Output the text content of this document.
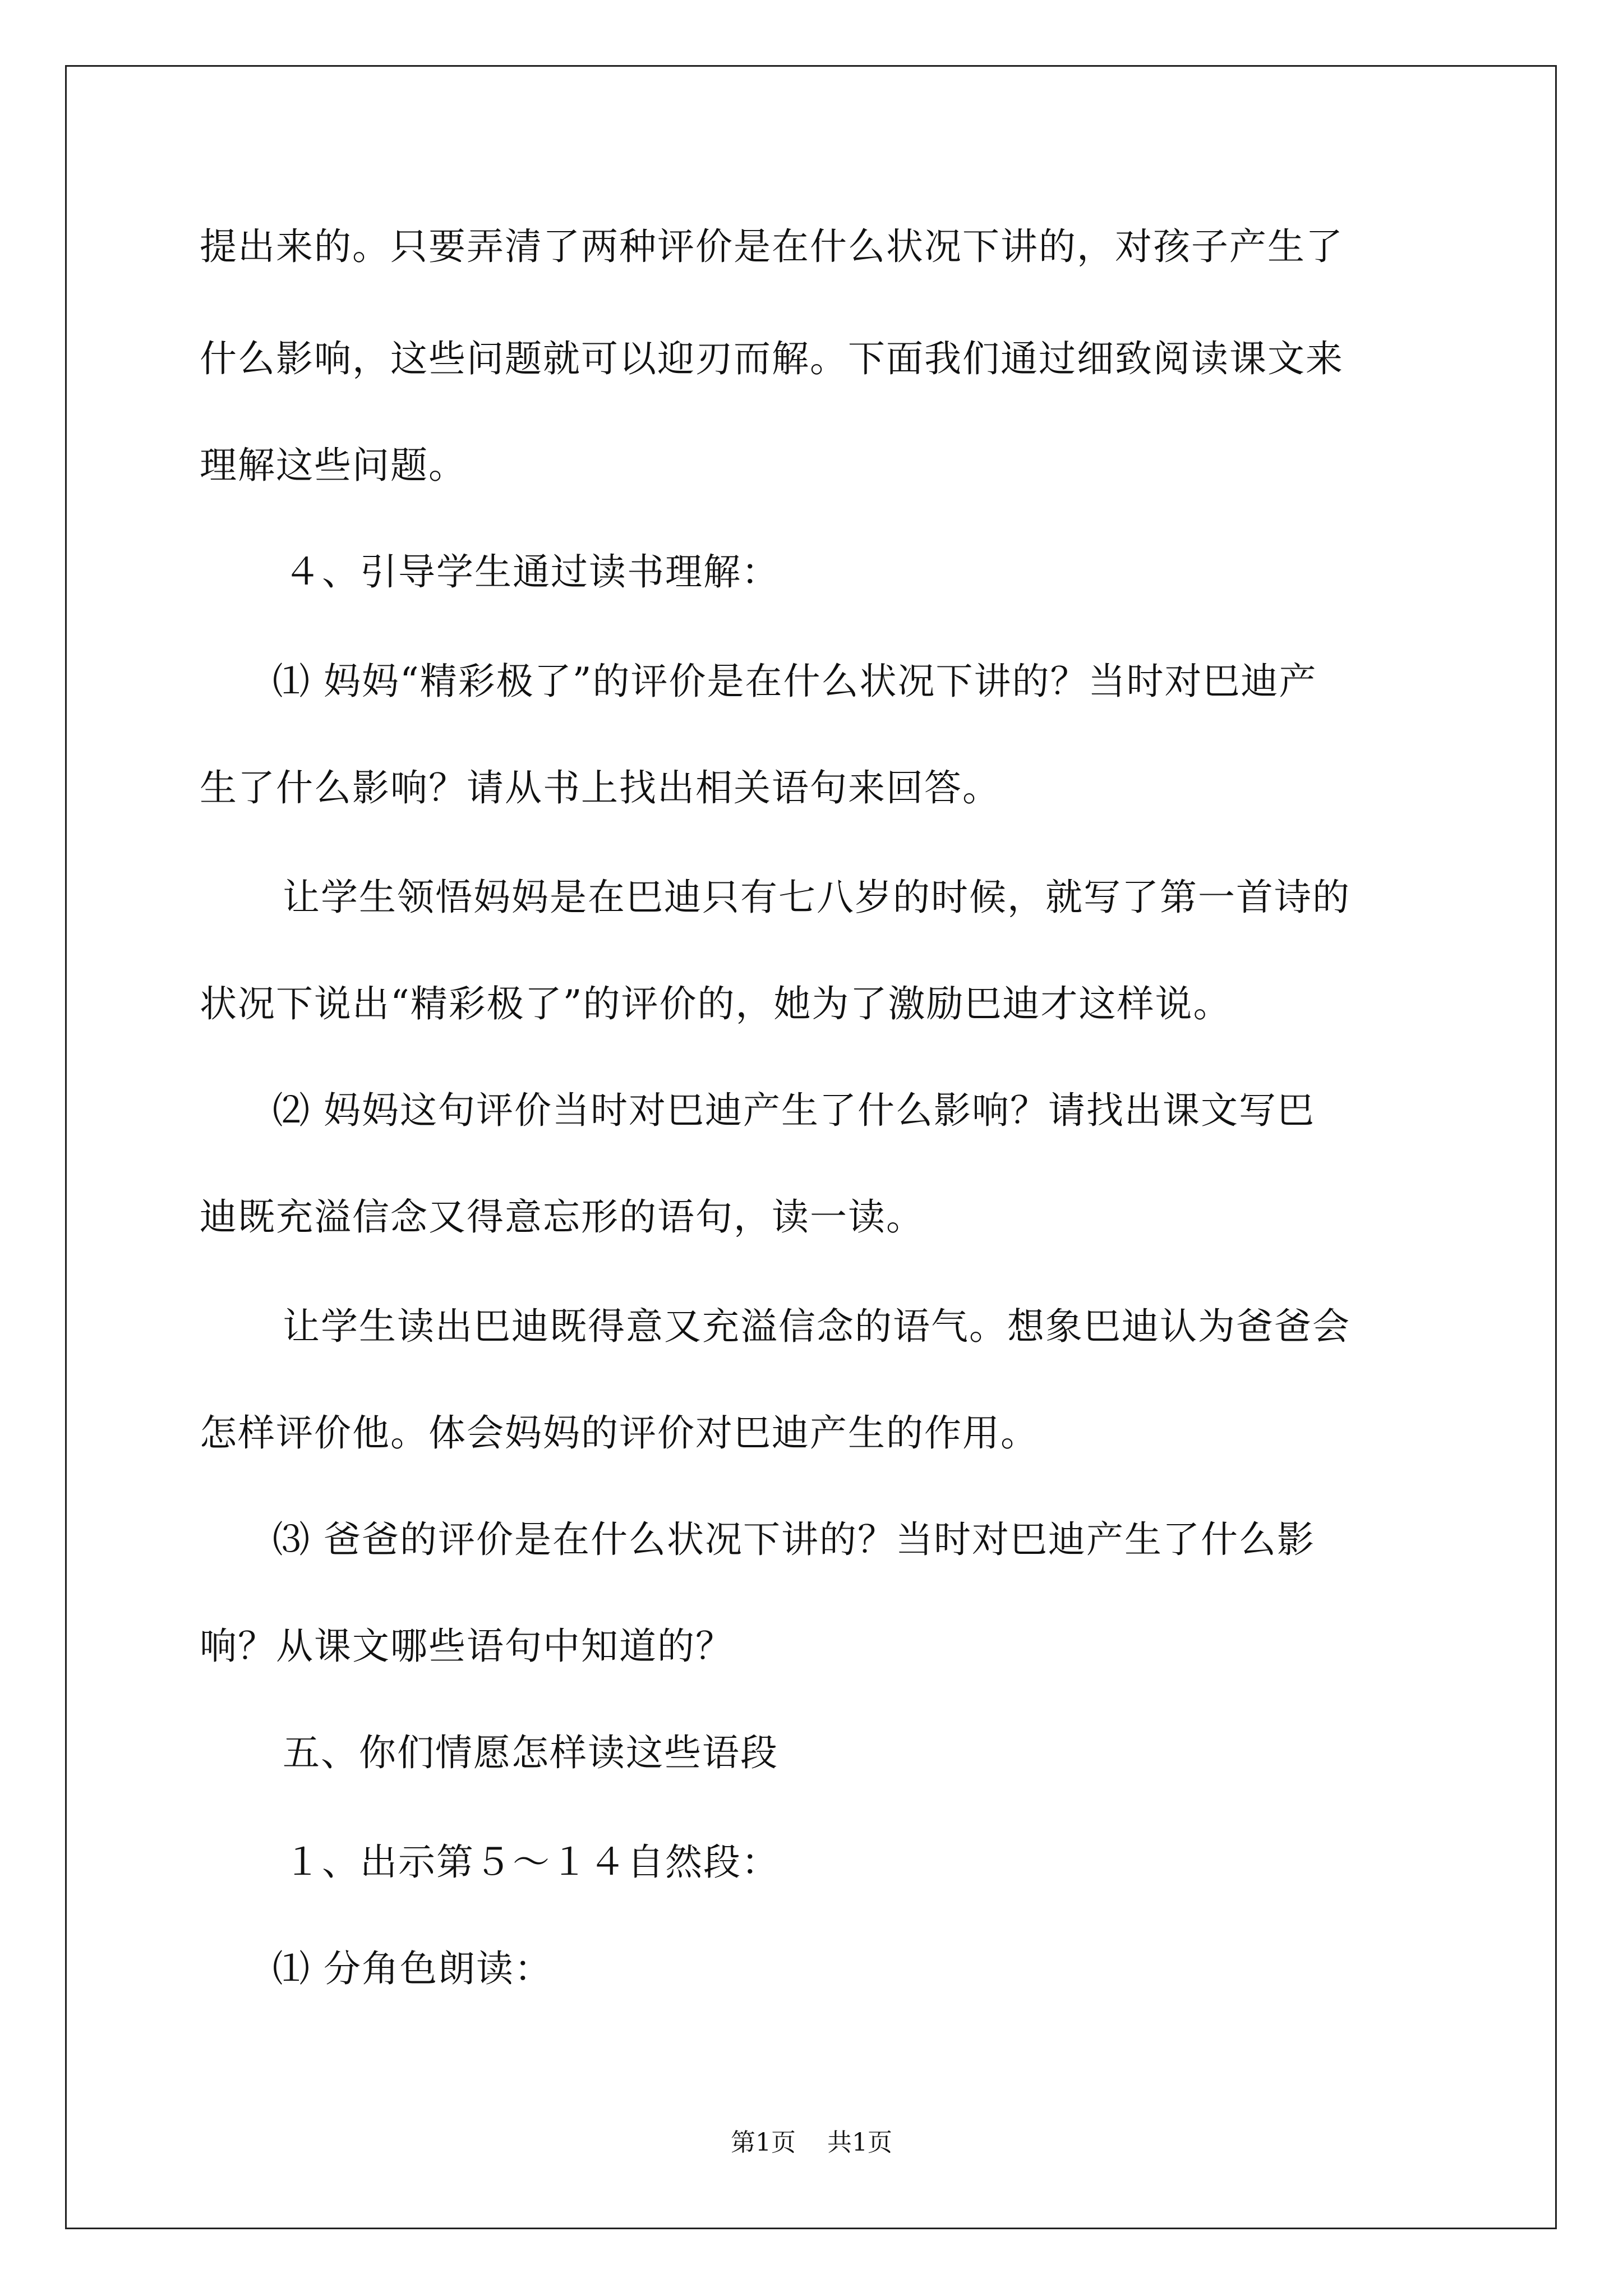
提出来的。只要弄清了两种评价是在什么状况下讲的，对孩子产生了
什么影响，这些问题就可以迎刃而解。下面我们通过细致阅读课文来
理解这些问题。
４、引导学生通过读书理解：
⑴ 妈妈“精彩极了”的评价是在什么状况下讲的？当时对巴迪产
生了什么影响？请从书上找出相关语句来回答。
让学生领悟妈妈是在巴迪只有七八岁的时候，就写了第一首诗的
状况下说出“精彩极了”的评价的，她为了激励巴迪才这样说。
⑵ 妈妈这句评价当时对巴迪产生了什么影响？请找出课文写巴
迪既充溢信念又得意忘形的语句，读一读。
让学生读出巴迪既得意又充溢信念的语气。想象巴迪认为爸爸会
怎样评价他。体会妈妈的评价对巴迪产生的作用。
⑶ 爸爸的评价是在什么状况下讲的？当时对巴迪产生了什么影
响？从课文哪些语句中知道的？
五、你们情愿怎样读这些语段
１、出示第５～１４自然段：
⑴ 分角色朗读：
第1页    共1页
